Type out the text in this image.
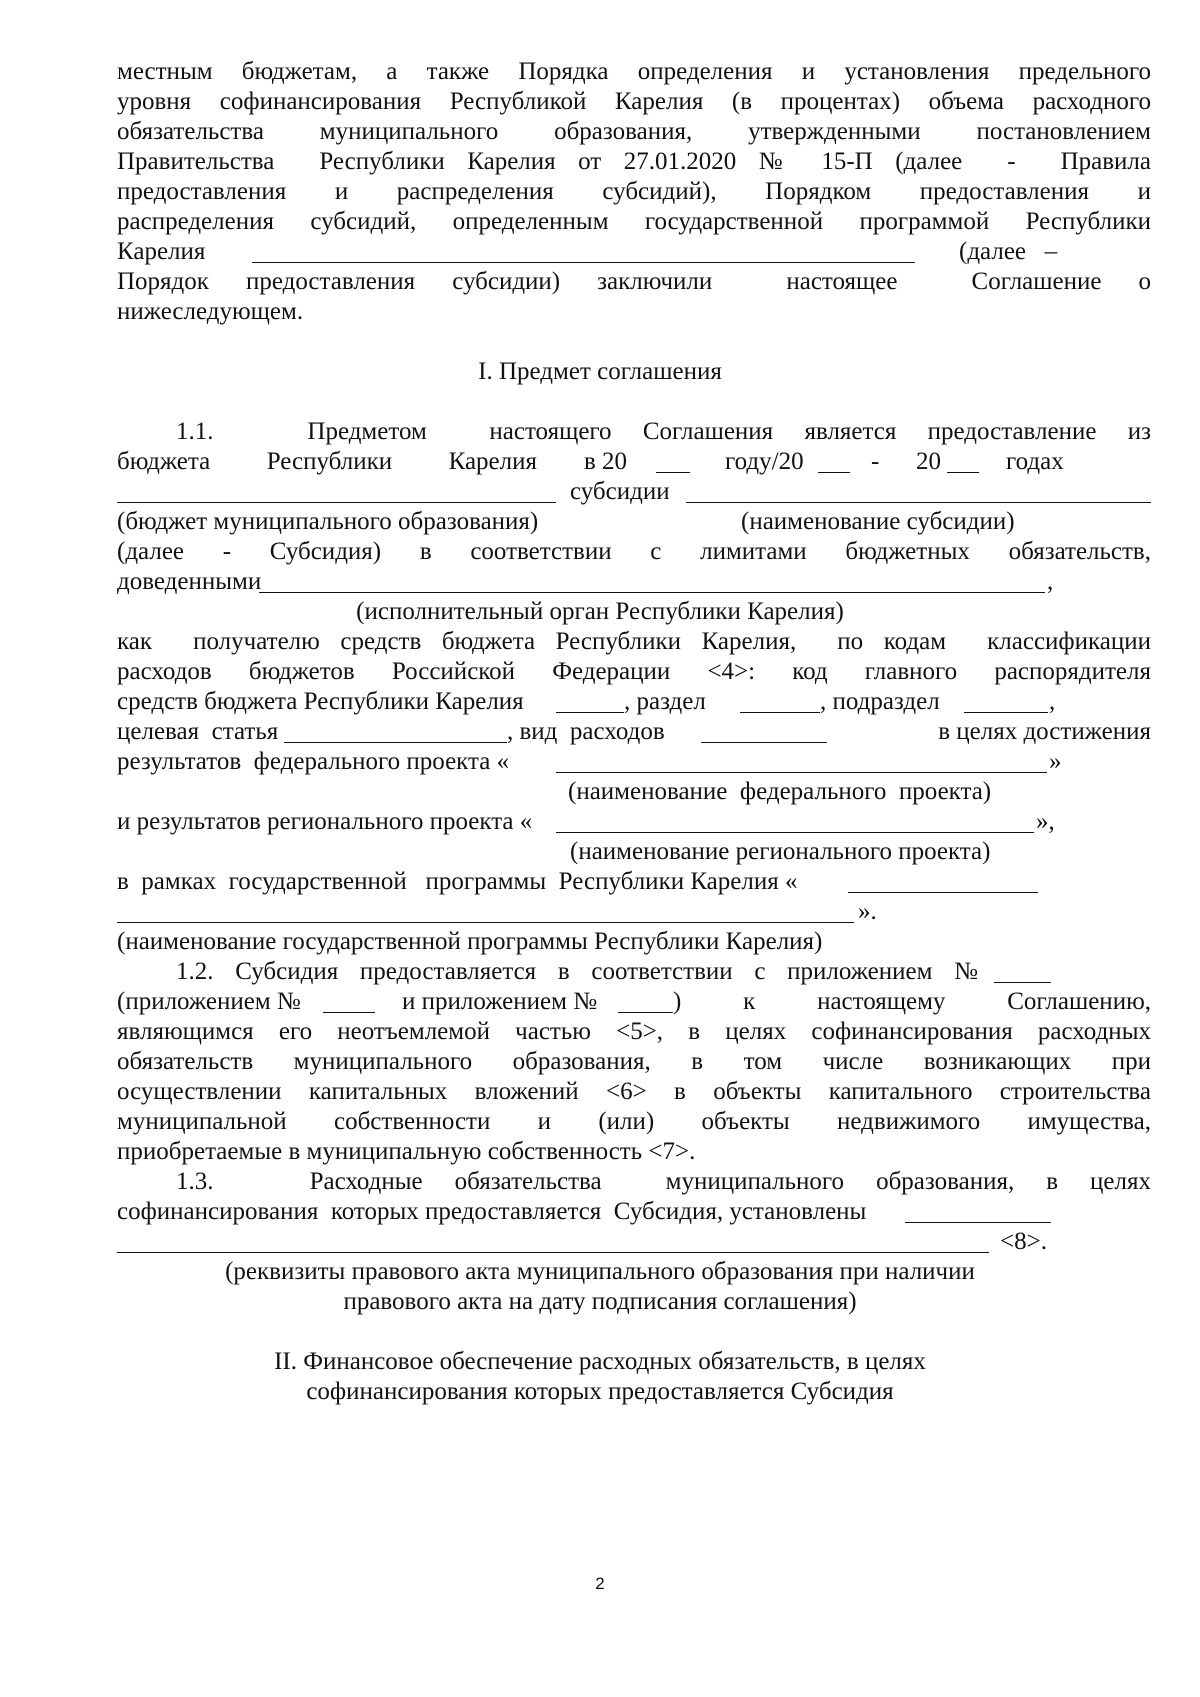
местным бюджетам, а также Порядка определения и установления предельного
уровня софинансирования Республикой Карелия (в процентах) объема расходного
обязательства муниципального образования, утвержденными постановлением
Правительства  Республики Карелия от 27.01.2020 № 15-П (далее  -  Правила
предоставления и распределения субсидий), Порядком предоставления и
распределения субсидий, определенным государственной программой Республики
Карелия	(далее   –
Порядок предоставления субсидии) заключили  настоящее  Соглашение о
нижеследующем.
I. Предмет соглашения
1.1.   Предметом  настоящего Соглашения является предоставление из
бюджета Республики Карелия в 20	году/20	- 20	годах
субсидии
(бюджет муниципального образования)	(наименование субсидии)
(далее - Субсидия) в соответствии с лимитами бюджетных обязательств,
доведенными	,
(исполнительный орган Республики Карелия)
как  получателю средств бюджета Республики Карелия,  по кодам  классификации
расходов бюджетов Российской Федерации <4>: код главного распорядителя
средств бюджета Республики Карелия	, раздел	, подраздел	,
целевая  статья	, вид  расходов	в целях достижения
результатов  федерального проекта «	»
(наименование  федерального  проекта)
и результатов регионального проекта «	»,
(наименование регионального проекта)
в  рамках  государственной   программы  Республики Карелия «
».
(наименование государственной программы Республики Карелия)
1.2. Субсидия предоставляется в соответствии с приложением №
(приложением №	и приложением №	) к настоящему Соглашению,
являющимся его неотъемлемой частью <5>, в целях софинансирования расходных
обязательств муниципального образования, в том числе возникающих при
осуществлении капитальных вложений <6> в объекты капитального строительства
муниципальной собственности и (или) объекты недвижимого имущества,
приобретаемые в муниципальную собственность <7>.
1.3.   Расходные обязательства  муниципального образования, в целях
софинансирования  которых предоставляется  Субсидия, установлены
<8>.
(реквизиты правового акта муниципального образования при наличии
правового акта на дату подписания соглашения)
II. Финансовое обеспечение расходных обязательств, в целях
софинансирования которых предоставляется Субсидия
2
